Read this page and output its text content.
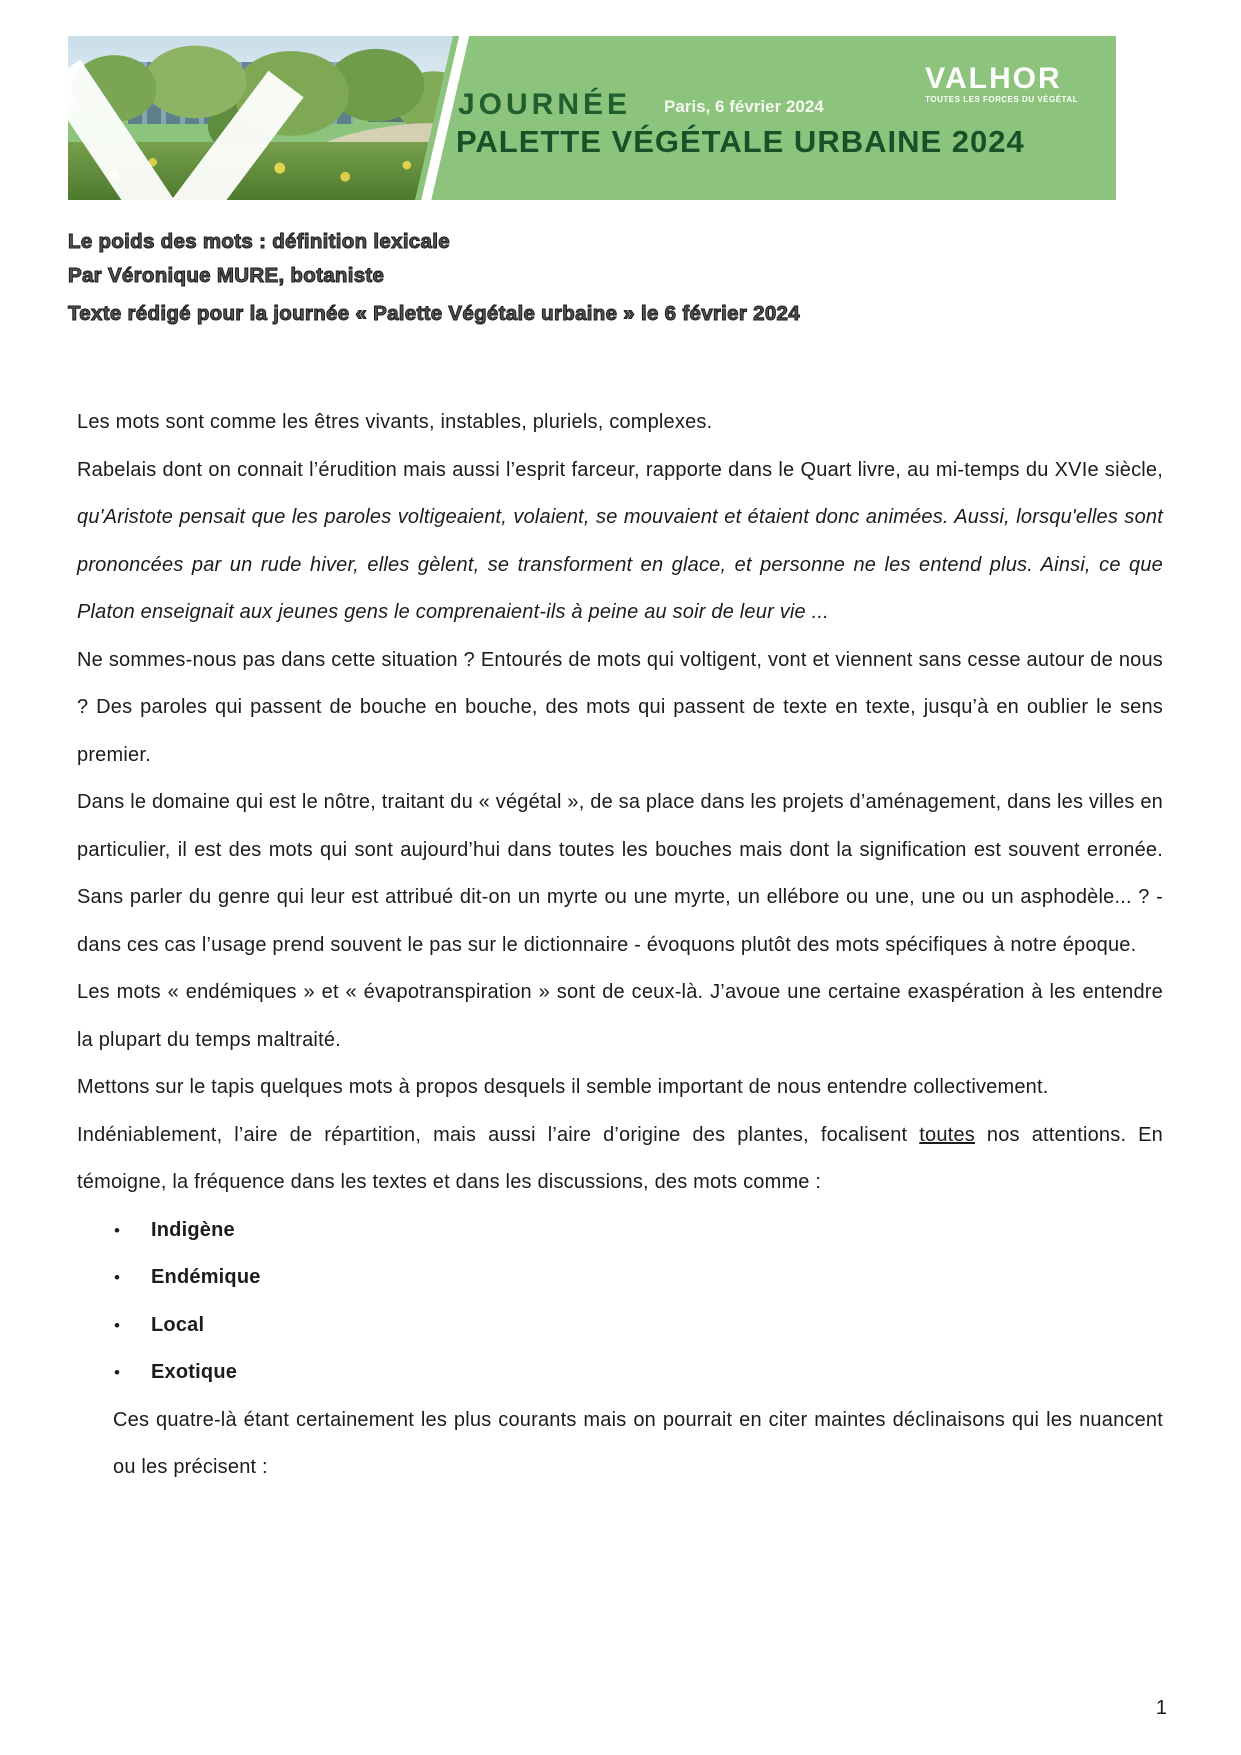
JOURNÉE Paris, 6 février 2024
PALETTE VÉGÉTALE URBAINE 2024
VALHOR
TOUTES LES FORCES DU VÉGÉTAL
Le poids des mots : définition lexicale
Par Véronique MURE, botaniste
Texte rédigé pour la journée « Palette Végétale urbaine » le 6 février 2024

Les mots sont comme les êtres vivants, instables, pluriels, complexes.

Rabelais dont on connait l’érudition mais aussi l’esprit farceur, rapporte dans le Quart livre, au mi-temps du XVIe siècle, qu'Aristote pensait que les paroles voltigeaient, volaient, se mouvaient et étaient donc animées. Aussi, lorsqu'elles sont prononcées par un rude hiver, elles gèlent, se transforment en glace, et personne ne les entend plus. Ainsi, ce que Platon enseignait aux jeunes gens le comprenaient-ils à peine au soir de leur vie ...

Ne sommes-nous pas dans cette situation ? Entourés de mots qui voltigent, vont et viennent sans cesse autour de nous ? Des paroles qui passent de bouche en bouche, des mots qui passent de texte en texte, jusqu’à en oublier le sens premier.

Dans le domaine qui est le nôtre, traitant du « végétal », de sa place dans les projets d’aménagement, dans les villes en particulier, il est des mots qui sont aujourd’hui dans toutes les bouches mais dont la signification est souvent erronée. Sans parler du genre qui leur est attribué dit-on un myrte ou une myrte, un ellébore ou une, une ou un asphodèle... ? - dans ces cas l’usage prend souvent le pas sur le dictionnaire - évoquons plutôt des mots spécifiques à notre époque.

Les mots « endémiques » et « évapotranspiration » sont de ceux-là. J’avoue une certaine exaspération à les entendre la plupart du temps maltraité.

Mettons sur le tapis quelques mots à propos desquels il semble important de nous entendre collectivement.

Indéniablement, l’aire de répartition, mais aussi l’aire d’origine des plantes, focalisent toutes nos attentions. En témoigne, la fréquence dans les textes et dans les discussions, des mots comme :

• Indigène

• Endémique

• Local

• Exotique

Ces quatre-là étant certainement les plus courants mais on pourrait en citer maintes déclinaisons qui les nuancent ou les précisent :

1
